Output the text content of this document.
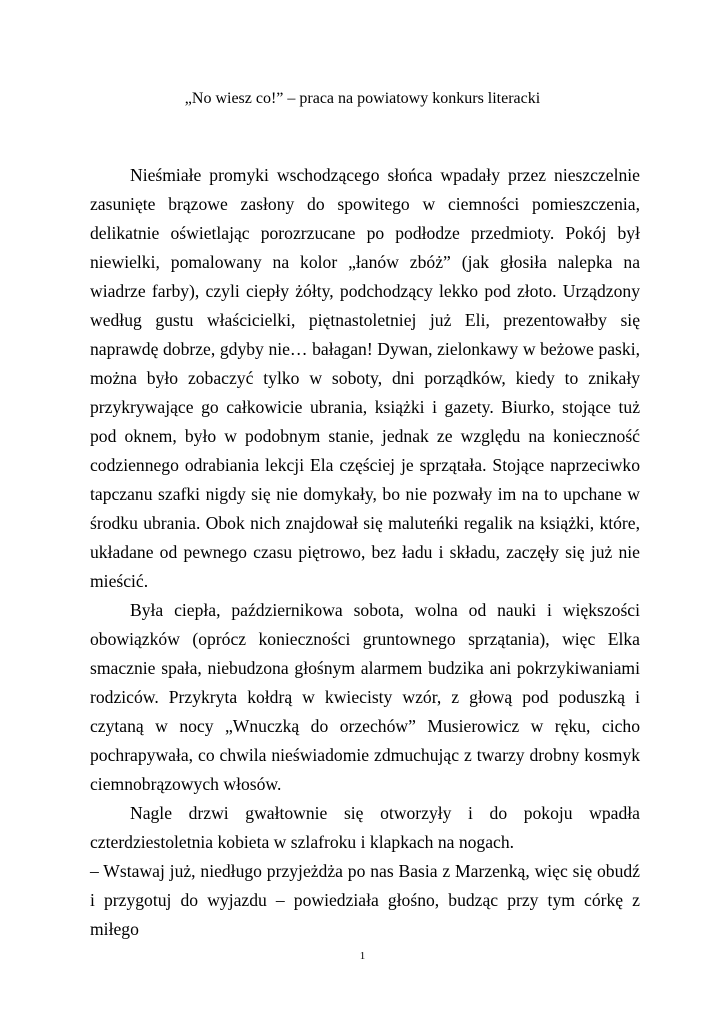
„No wiesz co!” – praca na powiatowy konkurs literacki

Nieśmiałe promyki wschodzącego słońca wpadały przez nieszczelnie zasunięte brązowe zasłony do spowitego w ciemności pomieszczenia, delikatnie oświetlając porozrzucane po podłodze przedmioty. Pokój był niewielki, pomalowany na kolor „łanów zbóż” (jak głosiła nalepka na wiadrze farby), czyli ciepły żółty, podchodzący lekko pod złoto. Urządzony według gustu właścicielki, piętnastoletniej już Eli, prezentowałby się naprawdę dobrze, gdyby nie… bałagan! Dywan, zielonkawy w beżowe paski, można było zobaczyć tylko w soboty, dni porządków, kiedy to znikały przykrywające go całkowicie ubrania, książki i gazety. Biurko, stojące tuż pod oknem, było w podobnym stanie, jednak ze względu na konieczność codziennego odrabiania lekcji Ela częściej je sprzątała. Stojące naprzeciwko tapczanu szafki nigdy się nie domykały, bo nie pozwały im na to upchane w środku ubrania. Obok nich znajdował się maluteńki regalik na książki, które, układane od pewnego czasu piętrowo, bez ładu i składu, zaczęły się już nie mieścić.

Była ciepła, październikowa sobota, wolna od nauki i większości obowiązków (oprócz konieczności gruntownego sprzątania), więc Elka smacznie spała, niebudzona głośnym alarmem budzika ani pokrzykiwaniami rodziców. Przykryta kołdrą w kwiecisty wzór, z głową pod poduszką i czytaną w nocy „Wnuczką do orzechów” Musierowicz w ręku, cicho pochrapywała, co chwila nieświadomie zdmuchując z twarzy drobny kosmyk ciemnobrązowych włosów.

Nagle drzwi gwałtownie się otworzyły i do pokoju wpadła czterdziestoletnia kobieta w szlafroku i klapkach na nogach.

– Wstawaj już, niedługo przyjeżdża po nas Basia z Marzenką, więc się obudź i przygotuj do wyjazdu – powiedziała głośno, budząc przy tym córkę z miłego

1
